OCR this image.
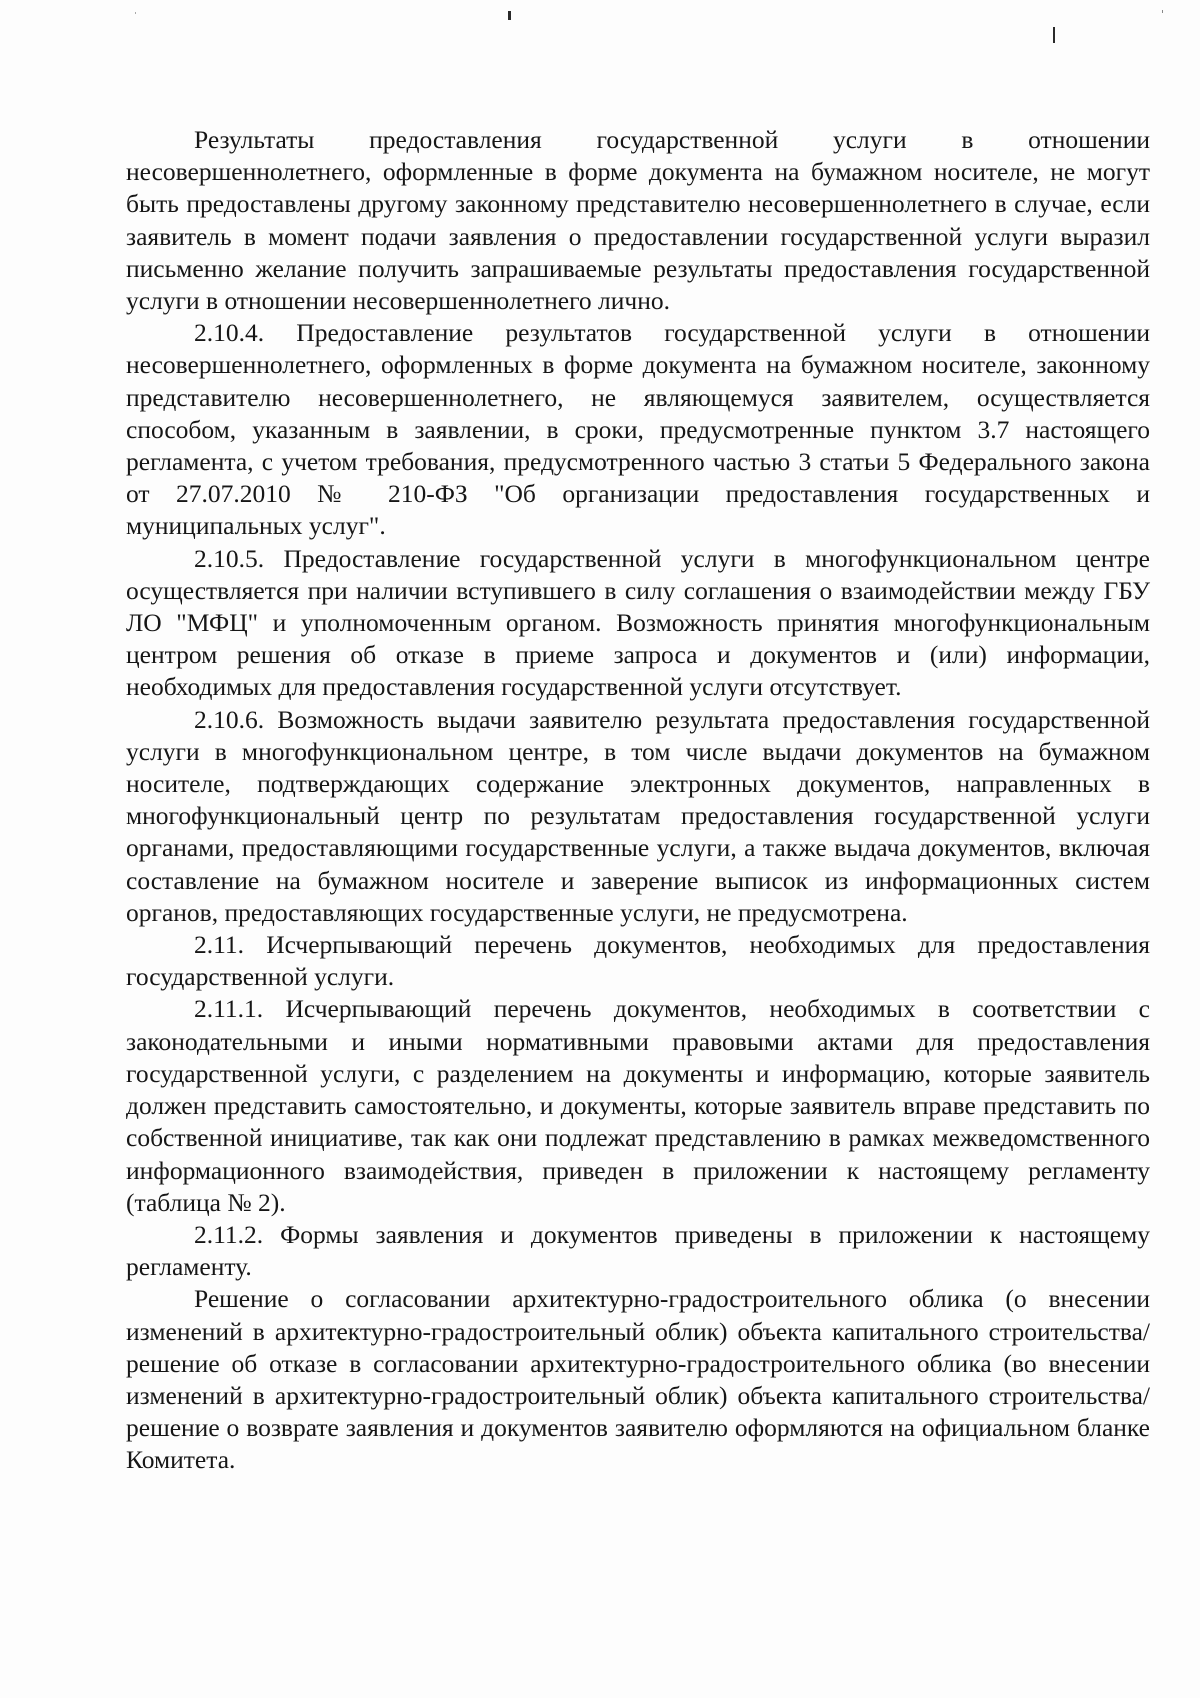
Результаты предоставления государственной услуги в отношении несовершеннолетнего, оформленные в форме документа на бумажном носителе, не могут быть предоставлены другому законному представителю несовершеннолетнего в случае, если заявитель в момент подачи заявления о предоставлении государственной услуги выразил письменно желание получить запрашиваемые результаты предоставления государственной услуги в отношении несовершеннолетнего лично.

2.10.4. Предоставление результатов государственной услуги в отношении несовершеннолетнего, оформленных в форме документа на бумажном носителе, законному представителю несовершеннолетнего, не являющемуся заявителем, осуществляется способом, указанным в заявлении, в сроки, предусмотренные пунктом 3.7 настоящего регламента, с учетом требования, предусмотренного частью 3 статьи 5 Федерального закона от 27.07.2010 № 210-ФЗ "Об организации предоставления государственных и муниципальных услуг".

2.10.5. Предоставление государственной услуги в многофункциональном центре осуществляется при наличии вступившего в силу соглашения о взаимодействии между ГБУ ЛО "МФЦ" и уполномоченным органом. Возможность принятия многофункциональным центром решения об отказе в приеме запроса и документов и (или) информации, необходимых для предоставления государственной услуги отсутствует.

2.10.6. Возможность выдачи заявителю результата предоставления государственной услуги в многофункциональном центре, в том числе выдачи документов на бумажном носителе, подтверждающих содержание электронных документов, направленных в многофункциональный центр по результатам предоставления государственной услуги органами, предоставляющими государственные услуги, а также выдача документов, включая составление на бумажном носителе и заверение выписок из информационных систем органов, предоставляющих государственные услуги, не предусмотрена.

2.11. Исчерпывающий перечень документов, необходимых для предоставления государственной услуги.

2.11.1. Исчерпывающий перечень документов, необходимых в соответствии с законодательными и иными нормативными правовыми актами для предоставления государственной услуги, с разделением на документы и информацию, которые заявитель должен представить самостоятельно, и документы, которые заявитель вправе представить по собственной инициативе, так как они подлежат представлению в рамках межведомственного информационного взаимодействия, приведен в приложении к настоящему регламенту (таблица № 2).

2.11.2. Формы заявления и документов приведены в приложении к настоящему регламенту.

Решение о согласовании архитектурно-градостроительного облика (о внесении изменений в архитектурно-градостроительный облик) объекта капитального строительства/ решение об отказе в согласовании архитектурно-градостроительного облика (во внесении изменений в архитектурно-градостроительный облик) объекта капитального строительства/ решение о возврате заявления и документов заявителю оформляются на официальном бланке Комитета.
